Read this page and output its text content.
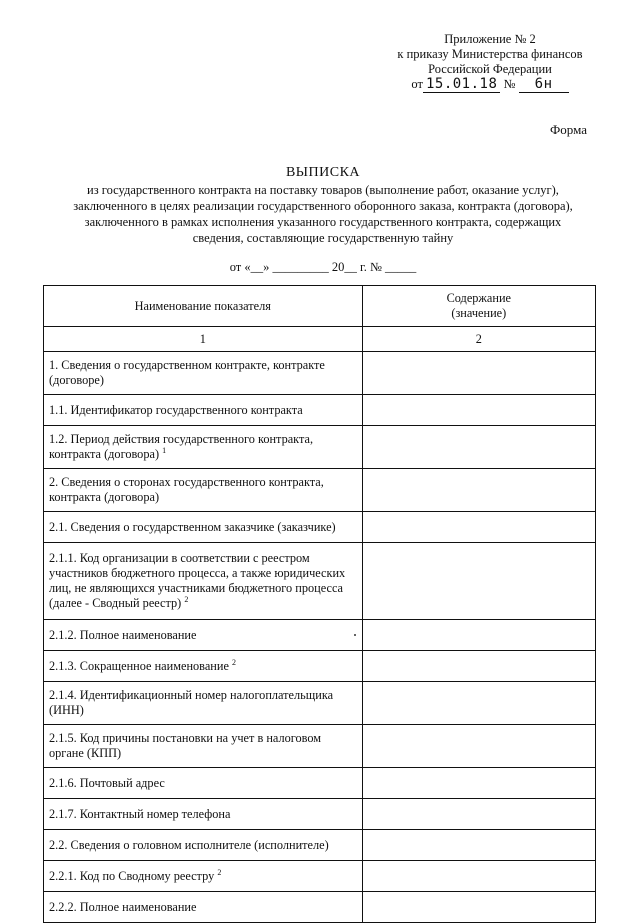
Приложение № 2
к приказу Министерства финансов
Российской Федерации
от 15.01.18 № 6н
Форма
ВЫПИСКА
из государственного контракта на поставку товаров (выполнение работ, оказание услуг),
заключенного в целях реализации государственного оборонного заказа, контракта (договора),
заключенного в рамках исполнения указанного государственного контракта, содержащих
сведения, составляющие государственную тайну
от «__» _________ 20__ г. № _____
Наименование показателя	Содержание
(значение)
1	2
1. Сведения о государственном контракте, контракте (договоре)	
1.1. Идентификатор государственного контракта	
1.2. Период действия государственного контракта, контракта (договора) $^1$	
2. Сведения о сторонах государственного контракта, контракта (договора)	
2.1. Сведения о государственном заказчике (заказчике)	
2.1.1. Код организации в соответствии с реестром участников бюджетного процесса, а также юридических лиц, не являющихся участниками бюджетного процесса (далее - Сводный реестр) $^2$	
2.1.2. Полное наименование	
2.1.3. Сокращенное наименование $^2$	
2.1.4. Идентификационный номер налогоплательщика (ИНН)	
2.1.5. Код причины постановки на учет в налоговом органе (КПП)	
2.1.6. Почтовый адрес	
2.1.7. Контактный номер телефона	
2.2. Сведения о головном исполнителе (исполнителе)	
2.2.1. Код по Сводному реестру $^2$	
2.2.2. Полное наименование	
